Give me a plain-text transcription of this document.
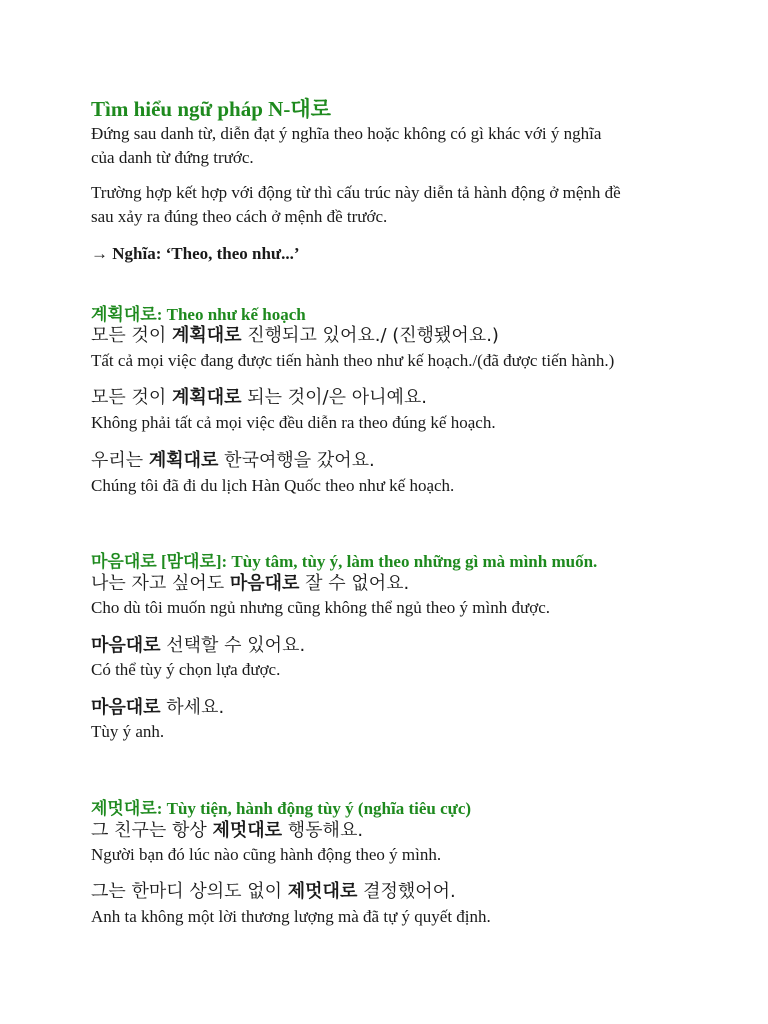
Tìm hiểu ngữ pháp N-대로
Đứng sau danh từ, diễn đạt ý nghĩa theo hoặc không có gì khác với ý nghĩa
của danh từ đứng trước.
Trường hợp kết hợp với động từ thì cấu trúc này diễn tả hành động ở mệnh đề
sau xảy ra đúng theo cách ở mệnh đề trước.
→ Nghĩa: ‘Theo, theo như...’
계획대로: Theo như kế hoạch
모든 것이 계획대로 진행되고 있어요./ (진행됐어요.)
Tất cả mọi việc đang được tiến hành theo như kế hoạch./(đã được tiến hành.)
모든 것이 계획대로 되는 것이/은 아니예요.
Không phải tất cả mọi việc đều diễn ra theo đúng kế hoạch.
우리는 계획대로 한국여행을 갔어요.
Chúng tôi đã đi du lịch Hàn Quốc theo như kế hoạch.
마음대로 [맘대로]: Tùy tâm, tùy ý, làm theo những gì mà mình muốn.
나는 자고 싶어도 마음대로 잘 수 없어요.
Cho dù tôi muốn ngủ nhưng cũng không thể ngủ theo ý mình được.
마음대로 선택할 수 있어요.
Có thể tùy ý chọn lựa được.
마음대로 하세요.
Tùy ý anh.
제멋대로: Tùy tiện, hành động tùy ý (nghĩa tiêu cực)
그 친구는 항상 제멋대로 행동해요.
Người bạn đó lúc nào cũng hành động theo ý mình.
그는 한마디 상의도 없이 제멋대로 결정했어어.
Anh ta không một lời thương lượng mà đã tự ý quyết định.
